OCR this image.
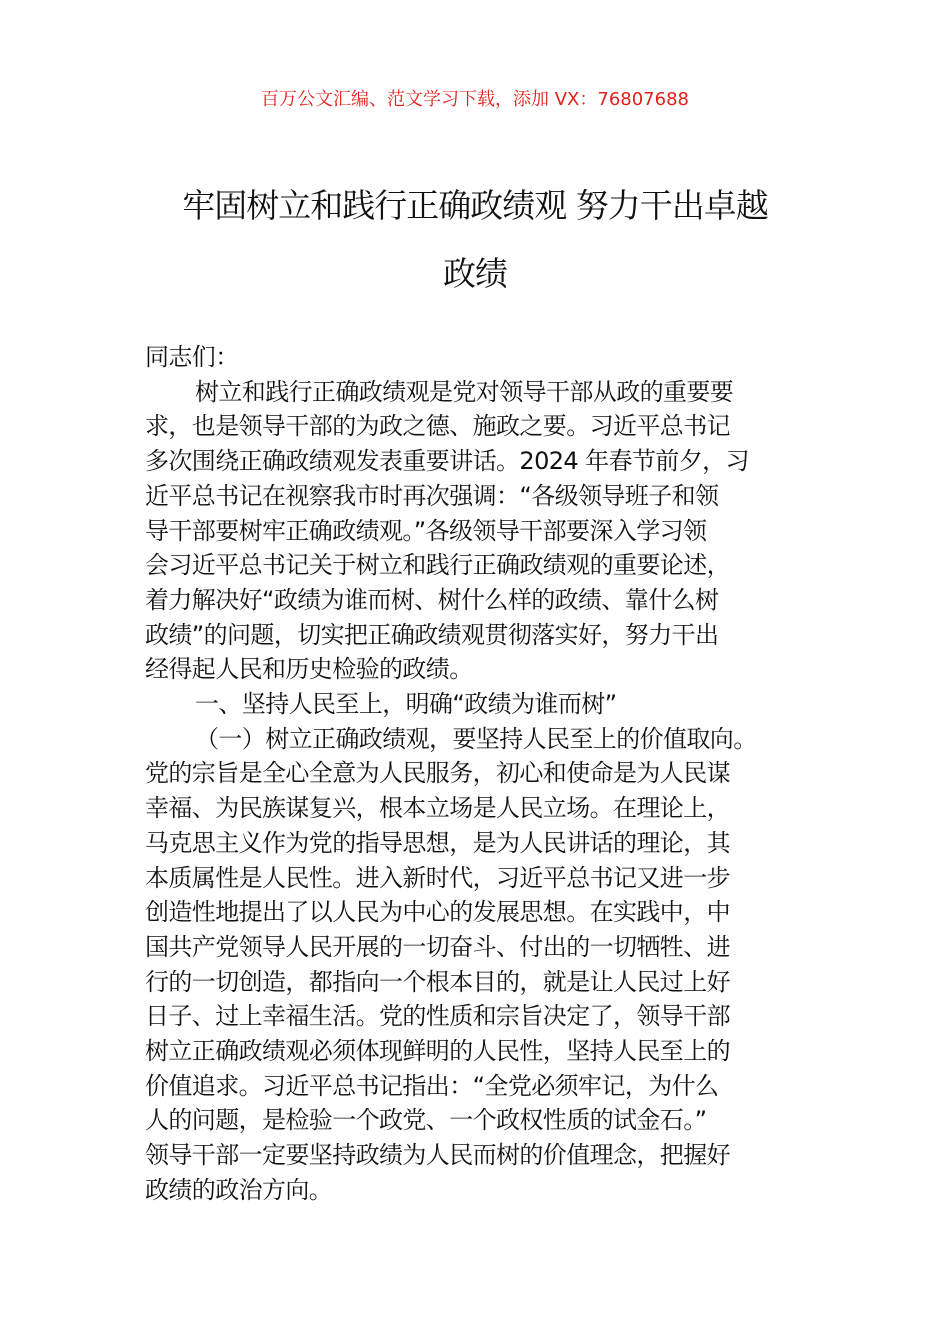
百万公文汇编、范文学习下载，添加 VX：76807688
牢固树立和践行正确政绩观 努力干出卓越
政绩
同志们：
树立和践行正确政绩观是党对领导干部从政的重要要
求，也是领导干部的为政之德、施政之要。习近平总书记
多次围绕正确政绩观发表重要讲话。2024 年春节前夕，习
近平总书记在视察我市时再次强调：“各级领导班子和领
导干部要树牢正确政绩观。”各级领导干部要深入学习领
会习近平总书记关于树立和践行正确政绩观的重要论述，
着力解决好“政绩为谁而树、树什么样的政绩、靠什么树
政绩”的问题，切实把正确政绩观贯彻落实好，努力干出
经得起人民和历史检验的政绩。
一、坚持人民至上，明确“政绩为谁而树”
（一）树立正确政绩观，要坚持人民至上的价值取向。
党的宗旨是全心全意为人民服务，初心和使命是为人民谋
幸福、为民族谋复兴，根本立场是人民立场。在理论上，
马克思主义作为党的指导思想，是为人民讲话的理论，其
本质属性是人民性。进入新时代，习近平总书记又进一步
创造性地提出了以人民为中心的发展思想。在实践中，中
国共产党领导人民开展的一切奋斗、付出的一切牺牲、进
行的一切创造，都指向一个根本目的，就是让人民过上好
日子、过上幸福生活。党的性质和宗旨决定了，领导干部
树立正确政绩观必须体现鲜明的人民性，坚持人民至上的
价值追求。习近平总书记指出：“全党必须牢记，为什么
人的问题，是检验一个政党、一个政权性质的试金石。”
领导干部一定要坚持政绩为人民而树的价值理念，把握好
政绩的政治方向。
